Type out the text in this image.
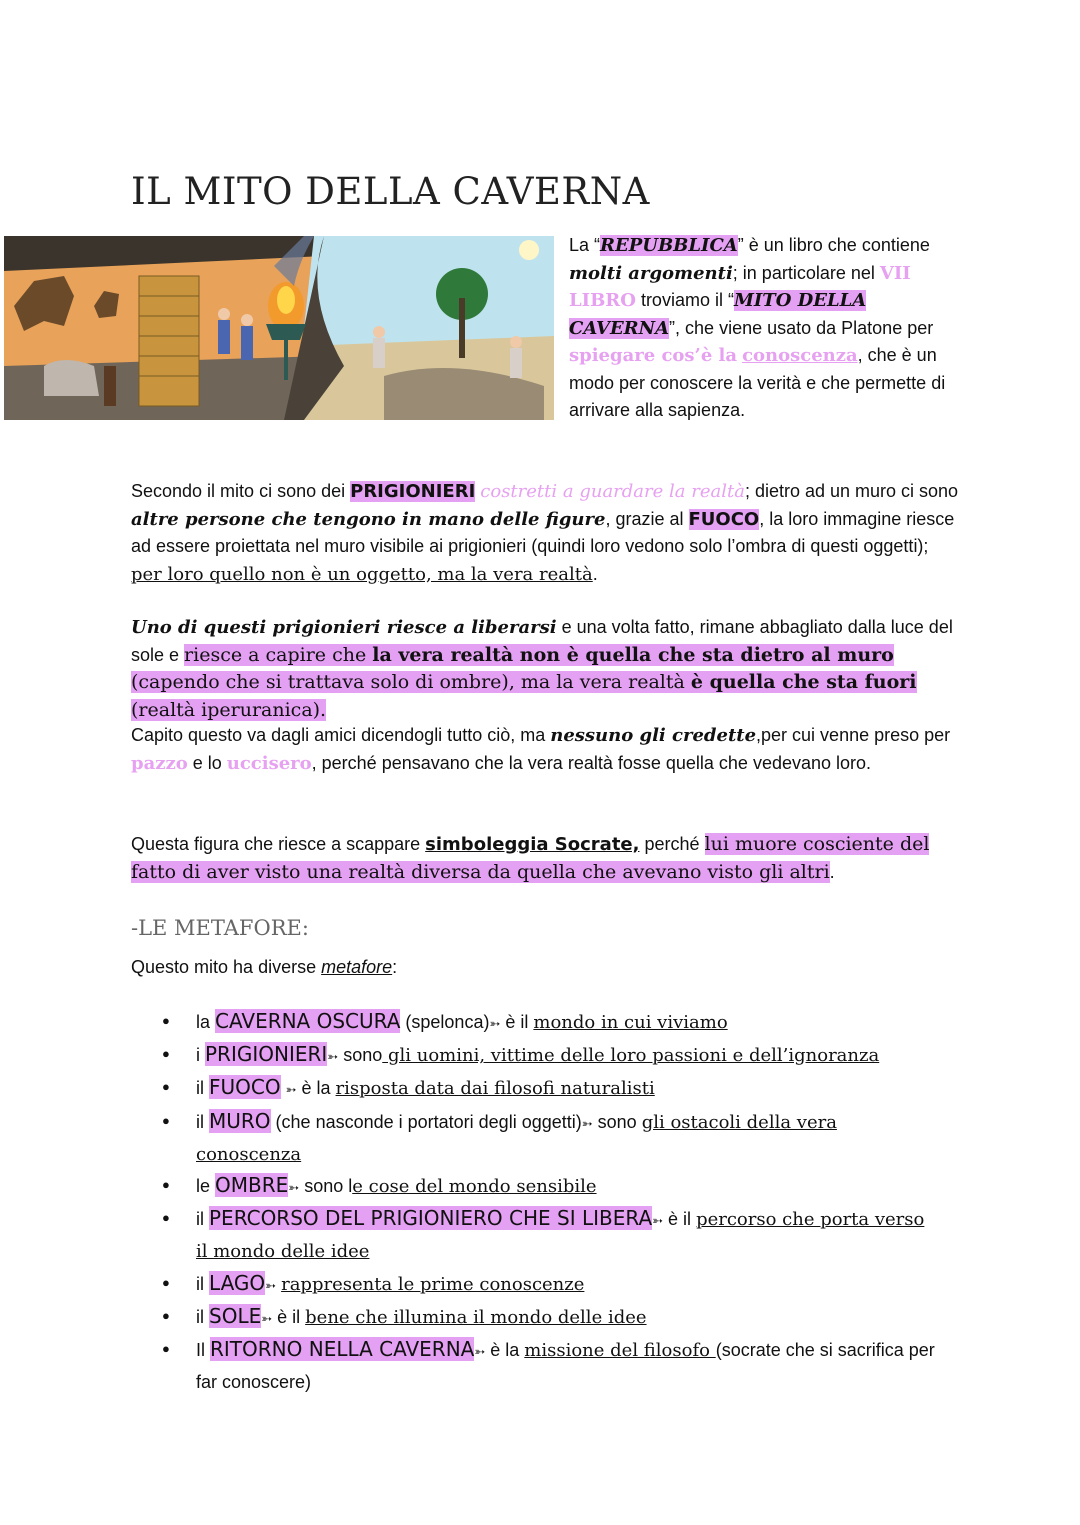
IL MITO DELLA CAVERNA
La “REPUBBLICA” è un libro che contiene molti argomenti; in particolare nel VII LIBRO troviamo il “MITO DELLA CAVERNA”, che viene usato da Platone per spiegare cos’è la conoscenza, che è un modo per conoscere la verità e che permette di arrivare alla sapienza.

Secondo il mito ci sono dei PRIGIONIERI costretti a guardare la realtà; dietro ad un muro ci sono altre persone che tengono in mano delle figure, grazie al FUOCO, la loro immagine riesce ad essere proiettata nel muro visibile ai prigionieri (quindi loro vedono solo l’ombra di questi oggetti); per loro quello non è un oggetto, ma la vera realtà.

Uno di questi prigionieri riesce a liberarsi e una volta fatto, rimane abbagliato dalla luce del sole e riesce a capire che la vera realtà non è quella che sta dietro al muro (capendo che si trattava solo di ombre), ma la vera realtà è quella che sta fuori (realtà iperuranica).

Capito questo va dagli amici dicendogli tutto ciò, ma nessuno gli credette,per cui venne preso per pazzo e lo uccisero, perché pensavano che la vera realtà fosse quella che vedevano loro.

Questa figura che riesce a scappare simboleggia Socrate, perché lui muore cosciente del fatto di aver visto una realtà diversa da quella che avevano visto gli altri.

-LE METAFORE:

Questo mito ha diverse metafore:

● la CAVERNA OSCURA (spelonca)➳ è il mondo in cui viviamo
● i PRIGIONIERI➳ sono gli uomini, vittime delle loro passioni e dell’ignoranza
● il FUOCO ➳ è la risposta data dai filosofi naturalisti
● il MURO (che nasconde i portatori degli oggetti)➳ sono gli ostacoli della vera conoscenza
● le OMBRE➳ sono le cose del mondo sensibile
● il PERCORSO DEL PRIGIONIERO CHE SI LIBERA➳ è il percorso che porta verso il mondo delle idee
● il LAGO➳ rappresenta le prime conoscenze
● il SOLE➳ è il bene che illumina il mondo delle idee
● Il RITORNO NELLA CAVERNA➳ è la missione del filosofo (socrate che si sacrifica per far conoscere)
